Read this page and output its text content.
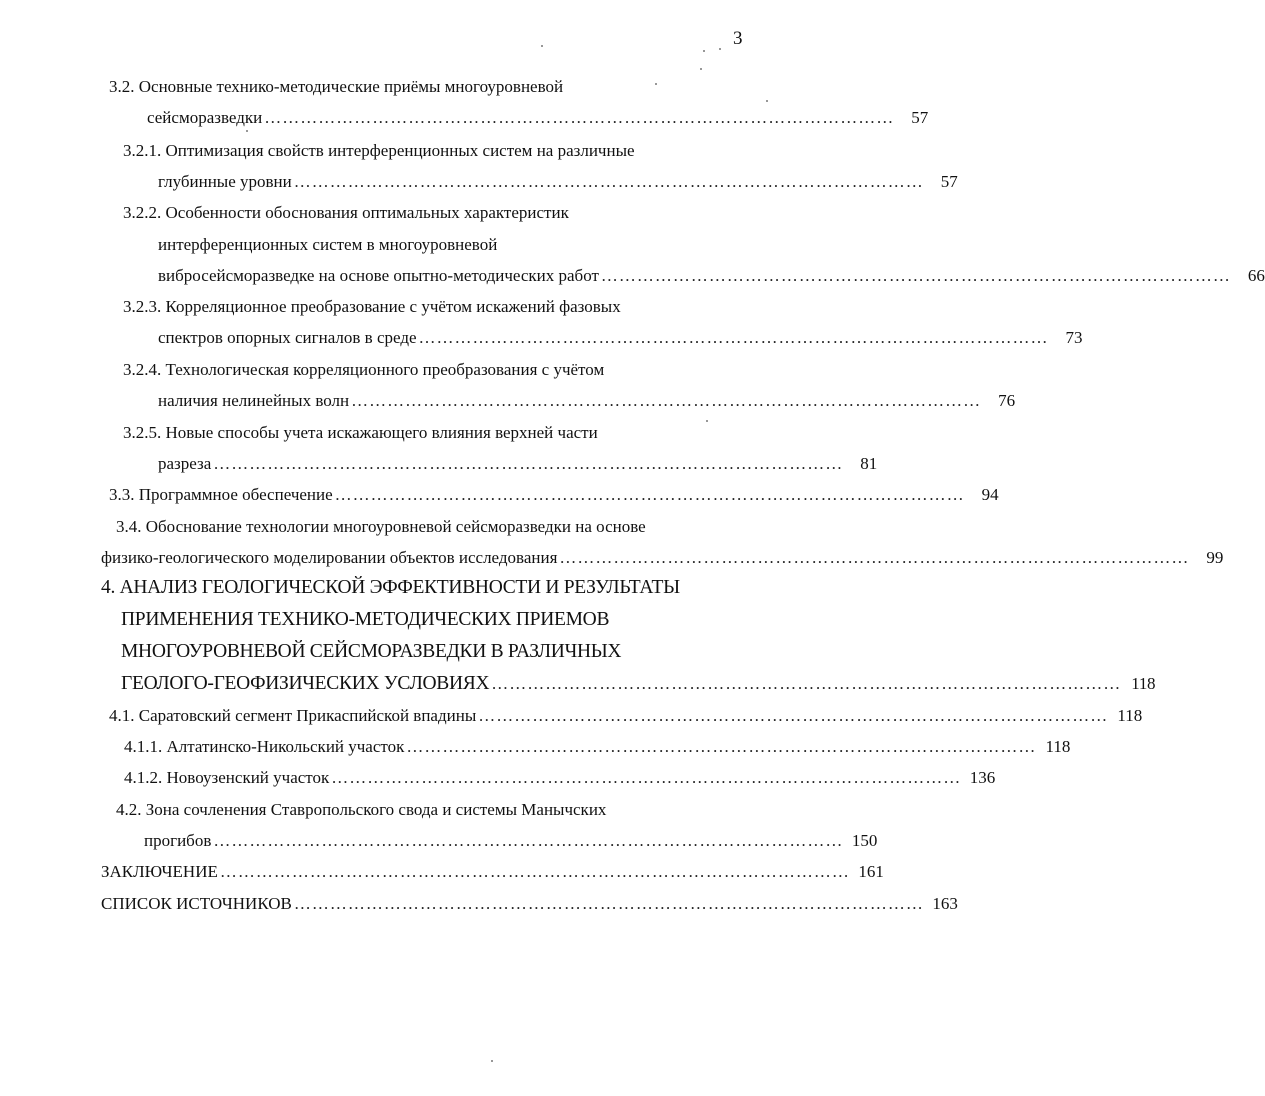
3
3.2. Основные технико-методические приёмы многоуровневой
сейсморазведки ……………………………………………………………………………………………	57
3.2.1. Оптимизация свойств интерференционных систем на различные
глубинные уровни ……………………………………………………………………………………………	57
3.2.2. Особенности обоснования оптимальных характеристик
интерференционных систем в многоуровневой
вибросейсморазведке на основе опытно-методических работ ……………………………………………………………………………………………	66
3.2.3. Корреляционное преобразование с учётом искажений фазовых
спектров опорных сигналов в среде ……………………………………………………………………………………………	73
3.2.4. Технологическая корреляционного преобразования с учётом
наличия нелинейных волн ……………………………………………………………………………………………	76
3.2.5. Новые способы учета искажающего влияния верхней части
разреза ……………………………………………………………………………………………	81
3.3. Программное обеспечение ……………………………………………………………………………………………	94
3.4. Обоснование технологии многоуровневой сейсморазведки на основе
физико-геологического моделировании объектов исследования ……………………………………………………………………………………………	99
4. АНАЛИЗ ГЕОЛОГИЧЕСКОЙ ЭФФЕКТИВНОСТИ И РЕЗУЛЬТАТЫ
ПРИМЕНЕНИЯ ТЕХНИКО-МЕТОДИЧЕСКИХ ПРИЕМОВ
МНОГОУРОВНЕВОЙ СЕЙСМОРАЗВЕДКИ В РАЗЛИЧНЫХ
ГЕОЛОГО-ГЕОФИЗИЧЕСКИХ УСЛОВИЯХ …………………………………………………………………………………………… 118
4.1. Саратовский сегмент Прикаспийской впадины …………………………………………………………………………………………… 118
4.1.1. Алтатинско-Никольский участок …………………………………………………………………………………………… 118
4.1.2. Новоузенский участок …………………………………………………………………………………………… 136
4.2. Зона сочленения Ставропольского свода и системы Манычских
прогибов …………………………………………………………………………………………… 150
ЗАКЛЮЧЕНИЕ …………………………………………………………………………………………… 161
СПИСОК ИСТОЧНИКОВ …………………………………………………………………………………………… 163
